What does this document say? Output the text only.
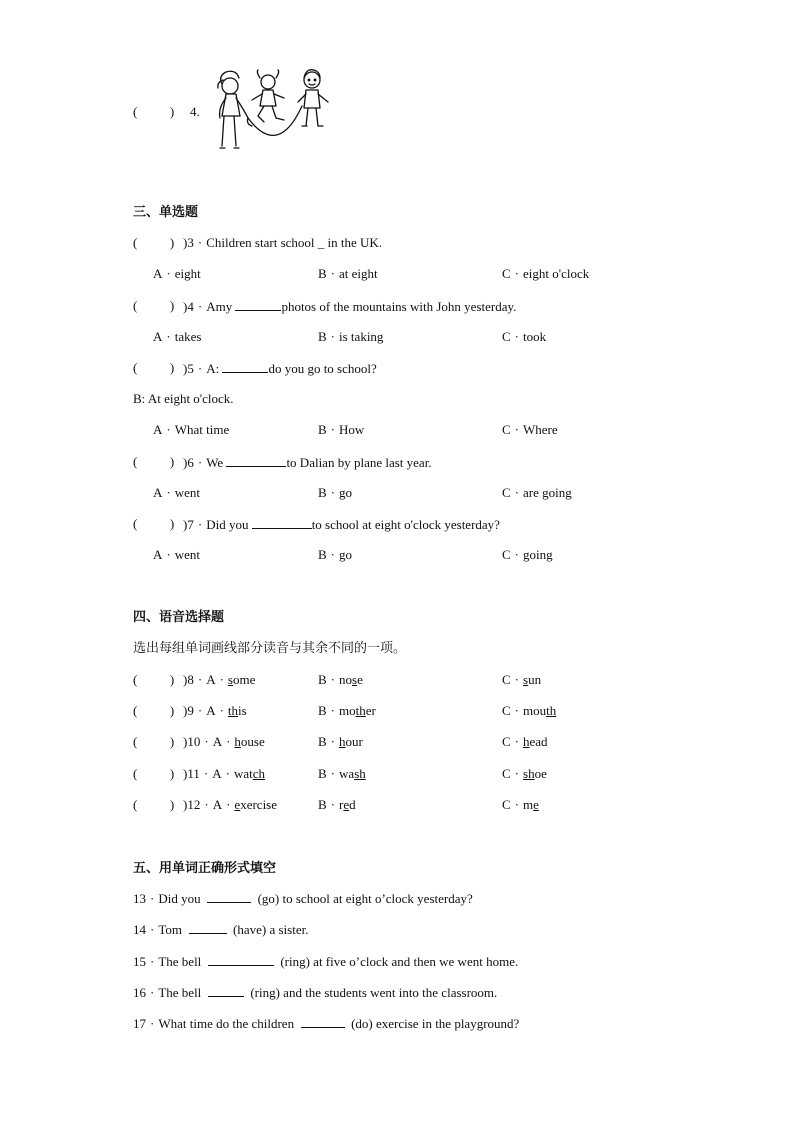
(          ) 4.
三、单选题
(          ) )3 · Children start school _ in the UK.
A · eight	B · at eight	C · eight o'clock
(          ) )4 · Amy	photos of the mountains with John yesterday.
A · takes	B · is taking	C · took
(          ) )5 · A:	do you go to school?
B: At eight o'clock.
A · What time	B · How	C · Where
(          ) )6 · We	to Dalian by plane last year.
A · went	B · go	C · are going
(          ) )7 · Did you	to school at eight o'clock yesterday?
A · went	B · go	C · going
四、语音选择题
选出每组单词画线部分读音与其余不同的一项。
(          ) )8 · A · some	B · nose	C · sun
(          ) )9 · A · this	B · mother	C · mouth
(          ) )10 · A · house	B · hour	C · head
(          ) )11 · A · watch	B · wash	C · shoe
(          ) )12 · A · exercise	B · red	C · me
五、用单词正确形式填空
13 · Did you	(go) to school at eight o’clock yesterday?
14 · Tom	(have) a sister.
15 · The bell	(ring) at five o’clock and then we went home.
16 · The bell	(ring) and the students went into the classroom.
17 · What time do the children	(do) exercise in the playground?
